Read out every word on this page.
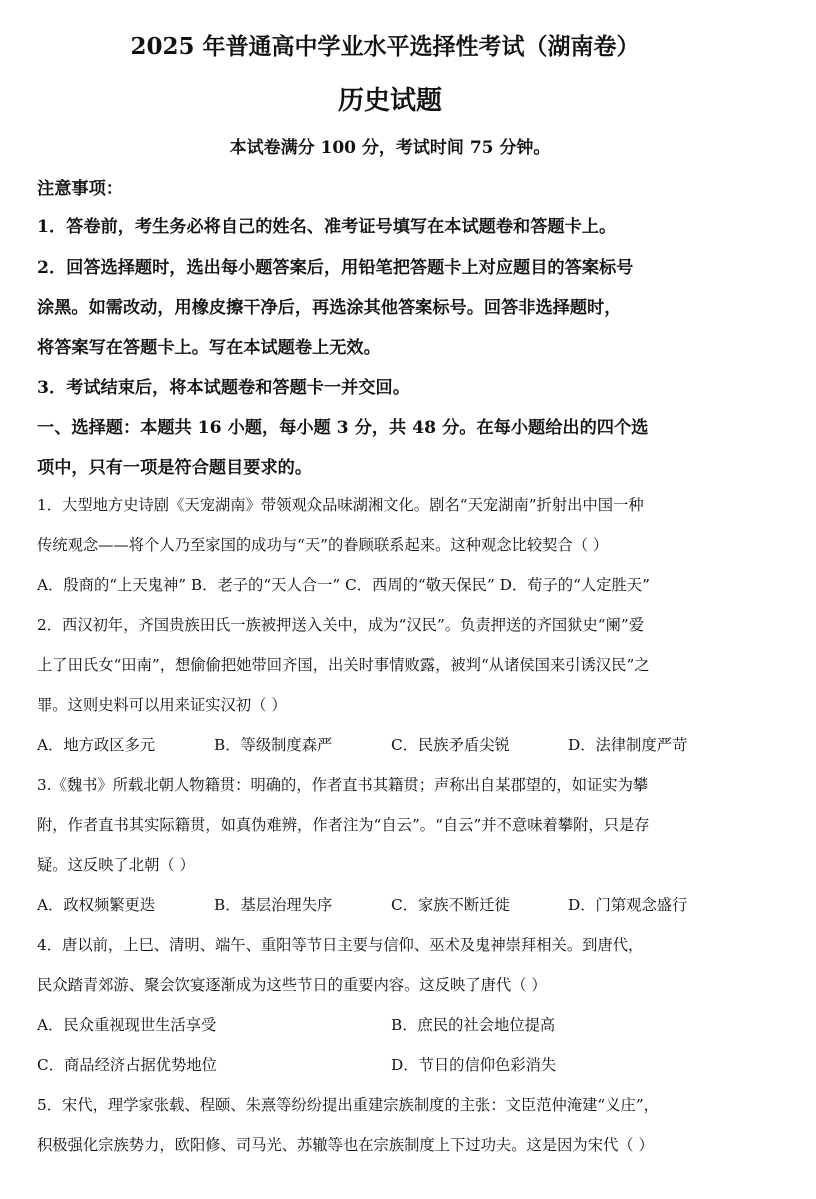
2025 年普通高中学业水平选择性考试（湖南卷）
历史试题
本试卷满分 100 分，考试时间 75 分钟。
注意事项：
1．答卷前，考生务必将自己的姓名、准考证号填写在本试题卷和答题卡上。
2．回答选择题时，选出每小题答案后，用铅笔把答题卡上对应题目的答案标号
涂黑。如需改动，用橡皮擦干净后，再选涂其他答案标号。回答非选择题时，
将答案写在答题卡上。写在本试题卷上无效。
3．考试结束后，将本试题卷和答题卡一并交回。
一、选择题：本题共 16 小题，每小题 3 分，共 48 分。在每小题给出的四个选
项中，只有一项是符合题目要求的。
1．大型地方史诗剧《天宠湖南》带领观众品味湖湘文化。剧名“天宠湖南”折射出中国一种
传统观念——将个人乃至家国的成功与“天”的眷顾联系起来。这种观念比较契合（ ）
A．殷商的“上天鬼神” B．老子的“天人合一” C．西周的“敬天保民” D．荀子的“人定胜天”
2．西汉初年，齐国贵族田氏一族被押送入关中，成为“汉民”。负责押送的齐国狱史“阑”爱
上了田氏女“田南”，想偷偷把她带回齐国，出关时事情败露，被判“从诸侯国来引诱汉民”之
罪。这则史料可以用来证实汉初（ ）
A．地方政区多元	B．等级制度森严	C．民族矛盾尖锐	D．法律制度严苛
3.《魏书》所载北朝人物籍贯：明确的，作者直书其籍贯；声称出自某郡望的，如证实为攀
附，作者直书其实际籍贯，如真伪难辨，作者注为“自云”。“自云”并不意味着攀附，只是存
疑。这反映了北朝（ ）
A．政权频繁更迭	B．基层治理失序	C．家族不断迁徙	D．门第观念盛行
4．唐以前，上巳、清明、端午、重阳等节日主要与信仰、巫术及鬼神崇拜相关。到唐代，
民众踏青郊游、聚会饮宴逐渐成为这些节日的重要内容。这反映了唐代（ ）
A．民众重视现世生活享受	B．庶民的社会地位提高
C．商品经济占据优势地位	D．节日的信仰色彩消失
5．宋代，理学家张载、程颐、朱熹等纷纷提出重建宗族制度的主张：文臣范仲淹建“义庄”，
积极强化宗族势力，欧阳修、司马光、苏辙等也在宗族制度上下过功夫。这是因为宋代（ ）
